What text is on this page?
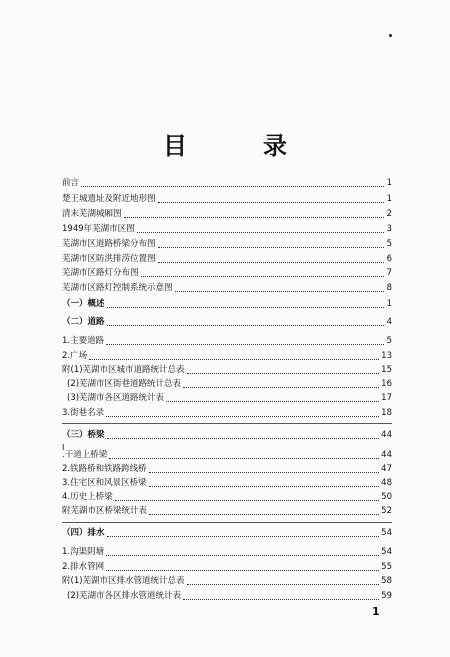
目　录
前言	1
楚王城遗址及附近地形图	1
清末芜湖城厢图	2
1949年芜湖市区图	3
芜湖市区道路桥梁分布图	5
芜湖市区防洪排涝位置图	6
芜湖市区路灯分布图	7
芜湖市区路灯控制系统示意图	8
（一）概述	1
（二）道路	4
1.主要道路	5
2.广场	13
附(1)芜湖市区城市道路统计总表	15
(2)芜湖市区街巷道路统计总表	16
(3)芜湖市各区道路统计表	17
3.街巷名录	18
（三）桥梁	44
I
.干道上桥梁	44
2.铁路桥和铁路跨线桥	47
3.住宅区和风景区桥梁	48
4.历史上桥梁	50
附芜湖市区桥梁统计表	52
（四）排水	54
1.沟渠阴塘	54
2.排水管网	55
附(1)芜湖市区排水管道统计总表	58
(2)芜湖市各区排水管道统计表	59
1
